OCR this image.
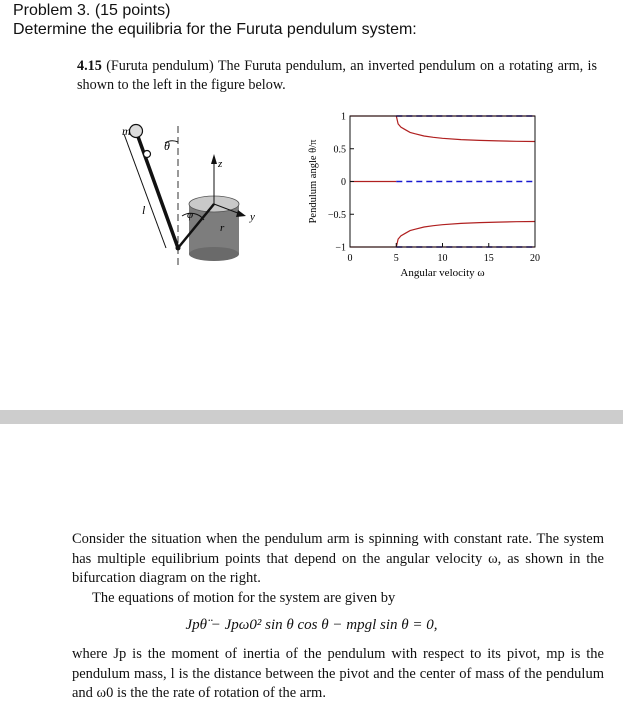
Problem 3. (15 points)
Determine the equilibria for the Furuta pendulum system:

4.15 (Furuta pendulum) The Furuta pendulum, an inverted pendulum on a rotating arm, is shown to the left in the figure below.

m
θ
l	φ
r
z
y
0	5	10	15	20
−1
−0.5
0
0.5
1
Angular velocity ω
Pendulum angle θ/π

Consider the situation when the pendulum arm is spinning with constant rate. The system has multiple equilibrium points that depend on the angular velocity ω, as shown in the bifurcation diagram on the right.

The equations of motion for the system are given by

Jpθ̈ − Jpω0² sin θ cos θ − mpgl sin θ = 0,

where Jp is the moment of inertia of the pendulum with respect to its pivot, mp is the pendulum mass, l is the distance between the pivot and the center of mass of the pendulum and ω0 is the the rate of rotation of the arm.
